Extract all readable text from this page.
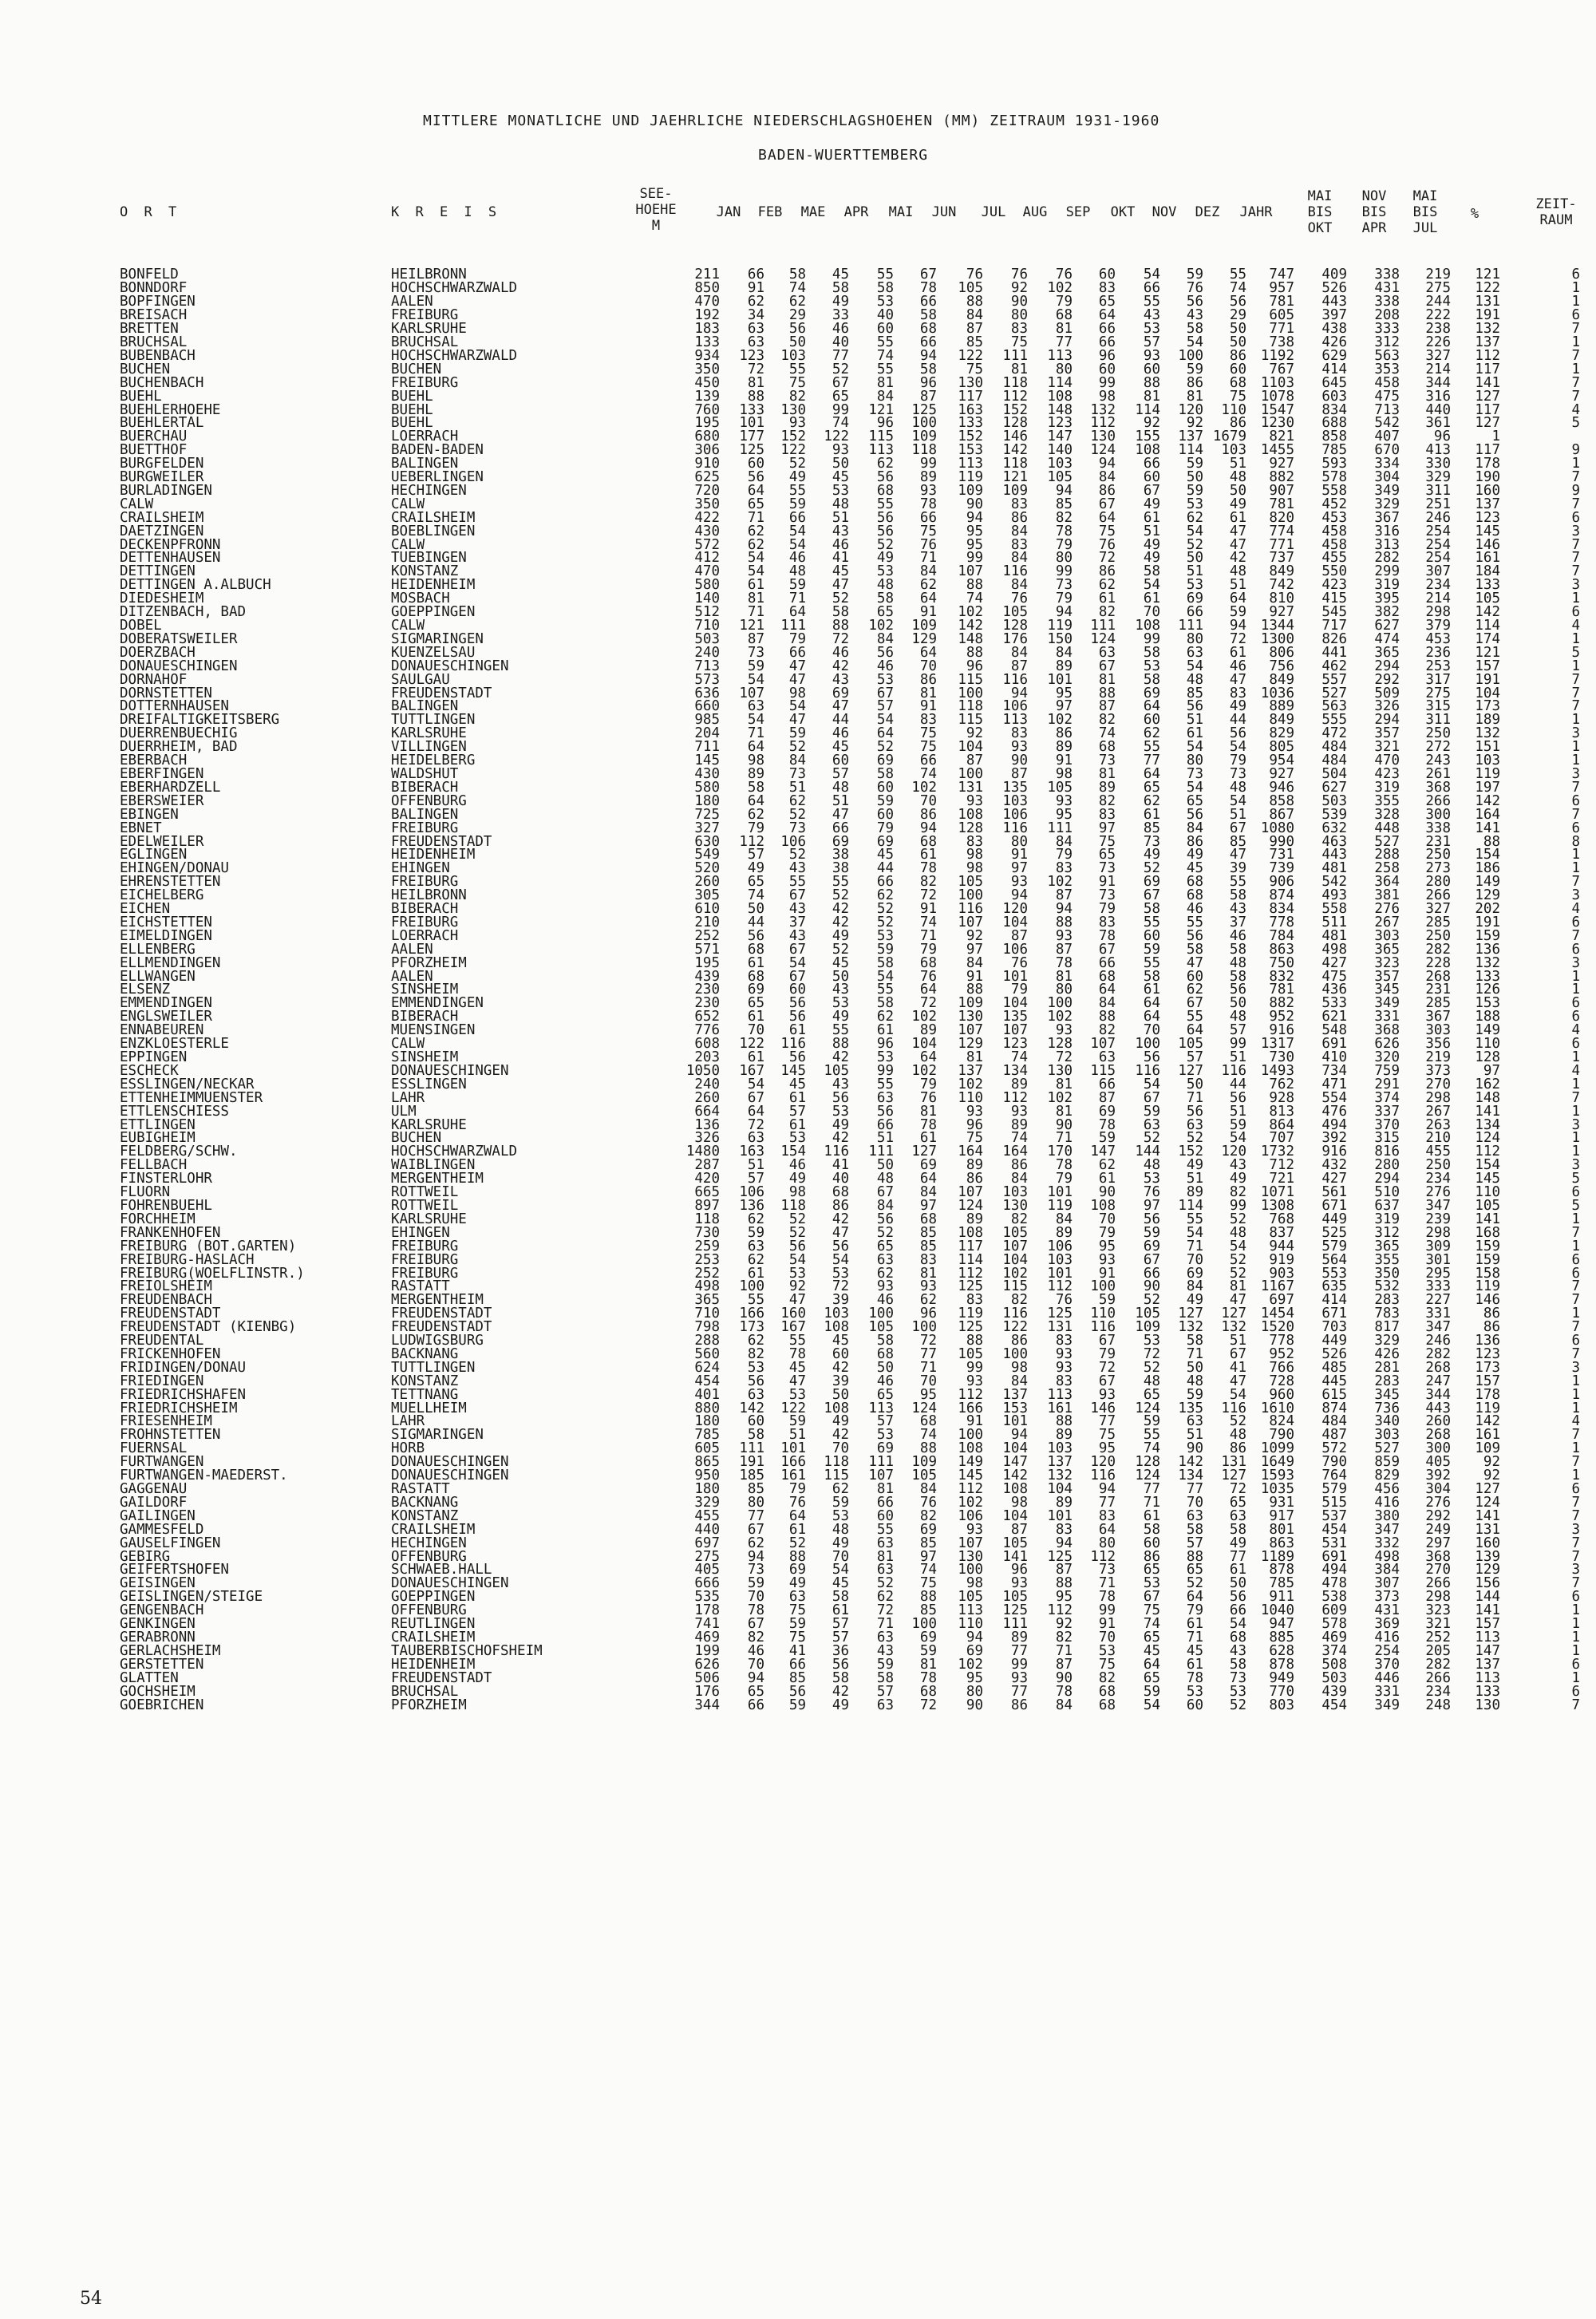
MITTLERE MONATLICHE UND JAEHRLICHE NIEDERSCHLAGSHOEHEN (MM) ZEITRAUM 1931-1960
BADEN-WUERTTEMBERG
O R T	K R E I S
SEE-
HOEHE
M
JAN	FEB	MAE	APR	MAI	JUN	JUL	AUG	SEP	OKT	NOV	DEZ	JAHR
MAI
BIS
OKT
NOV
BIS
APR
MAI
BIS
JUL
%
ZEIT-
RAUM
BONFELD	HEILBRONN	211	66	58	45	55	67	76	76	76	60	54	59	55	747	409	338	219	121	6
BONNDORF	HOCHSCHWARZWALD	850	91	74	58	58	78	105	92	102	83	66	76	74	957	526	431	275	122	1
BOPFINGEN	AALEN	470	62	62	49	53	66	88	90	79	65	55	56	56	781	443	338	244	131	1
BREISACH	FREIBURG	192	34	29	33	40	58	84	80	68	64	43	43	29	605	397	208	222	191	6
BRETTEN	KARLSRUHE	183	63	56	46	60	68	87	83	81	66	53	58	50	771	438	333	238	132	7
BRUCHSAL	BRUCHSAL	133	63	50	40	55	66	85	75	77	66	57	54	50	738	426	312	226	137	1
BUBENBACH	HOCHSCHWARZWALD	934	123	103	77	74	94	122	111	113	96	93	100	86	1192	629	563	327	112	7
BUCHEN	BUCHEN	350	72	55	52	55	58	75	81	80	60	60	59	60	767	414	353	214	117	1
BUCHENBACH	FREIBURG	450	81	75	67	81	96	130	118	114	99	88	86	68	1103	645	458	344	141	7
BUEHL	BUEHL	139	88	82	65	84	87	117	112	108	98	81	81	75	1078	603	475	316	127	7
BUEHLERHOEHE	BUEHL	760	133	130	99	121	125	163	152	148	132	114	120	110	1547	834	713	440	117	4
BUEHLERTAL	BUEHL	195	101	93	74	96	100	133	128	123	112	92	92	86	1230	688	542	361	127	5
BUERCHAU	LOERRACH	680	177	152	122	115	109	152	146	147	130	155	137	1679	821	858	407	96	1	
BUETTHOF	BADEN-BADEN	306	125	122	93	113	118	153	142	140	124	108	114	103	1455	785	670	413	117	9
BURGFELDEN	BALINGEN	910	60	52	50	62	99	113	118	103	94	66	59	51	927	593	334	330	178	1
BURGWEILER	UEBERLINGEN	625	56	49	45	56	89	119	121	105	84	60	50	48	882	578	304	329	190	7
BURLADINGEN	HECHINGEN	720	64	55	53	68	93	109	109	94	86	67	59	50	907	558	349	311	160	9
CALW	CALW	350	65	59	48	55	78	90	83	85	67	49	53	49	781	452	329	251	137	7
CRAILSHEIM	CRAILSHEIM	422	71	66	51	56	66	94	86	82	64	61	62	61	820	453	367	246	123	6
DAETZINGEN	BOEBLINGEN	430	62	54	43	56	75	95	84	78	75	51	54	47	774	458	316	254	145	3
DECKENPFRONN	CALW	572	62	54	46	52	76	95	83	79	76	49	52	47	771	458	313	254	146	7
DETTENHAUSEN	TUEBINGEN	412	54	46	41	49	71	99	84	80	72	49	50	42	737	455	282	254	161	7
DETTINGEN	KONSTANZ	470	54	48	45	53	84	107	116	99	86	58	51	48	849	550	299	307	184	7
DETTINGEN A.ALBUCH	HEIDENHEIM	580	61	59	47	48	62	88	84	73	62	54	53	51	742	423	319	234	133	3
DIEDESHEIM	MOSBACH	140	81	71	52	58	64	74	76	79	61	61	69	64	810	415	395	214	105	1
DITZENBACH, BAD	GOEPPINGEN	512	71	64	58	65	91	102	105	94	82	70	66	59	927	545	382	298	142	6
DOBEL	CALW	710	121	111	88	102	109	142	128	119	111	108	111	94	1344	717	627	379	114	4
DOBERATSWEILER	SIGMARINGEN	503	87	79	72	84	129	148	176	150	124	99	80	72	1300	826	474	453	174	1
DOERZBACH	KUENZELSAU	240	73	66	46	56	64	88	84	84	63	58	63	61	806	441	365	236	121	5
DONAUESCHINGEN	DONAUESCHINGEN	713	59	47	42	46	70	96	87	89	67	53	54	46	756	462	294	253	157	1
DORNAHOF	SAULGAU	573	54	47	43	53	86	115	116	101	81	58	48	47	849	557	292	317	191	7
DORNSTETTEN	FREUDENSTADT	636	107	98	69	67	81	100	94	95	88	69	85	83	1036	527	509	275	104	7
DOTTERNHAUSEN	BALINGEN	660	63	54	47	57	91	118	106	97	87	64	56	49	889	563	326	315	173	7
DREIFALTIGKEITSBERG	TUTTLINGEN	985	54	47	44	54	83	115	113	102	82	60	51	44	849	555	294	311	189	1
DUERRENBUECHIG	KARLSRUHE	204	71	59	46	64	75	92	83	86	74	62	61	56	829	472	357	250	132	3
DUERRHEIM, BAD	VILLINGEN	711	64	52	45	52	75	104	93	89	68	55	54	54	805	484	321	272	151	1
EBERBACH	HEIDELBERG	145	98	84	60	69	66	87	90	91	73	77	80	79	954	484	470	243	103	1
EBERFINGEN	WALDSHUT	430	89	73	57	58	74	100	87	98	81	64	73	73	927	504	423	261	119	3
EBERHARDZELL	BIBERACH	580	58	51	48	60	102	131	135	105	89	65	54	48	946	627	319	368	197	7
EBERSWEIER	OFFENBURG	180	64	62	51	59	70	93	103	93	82	62	65	54	858	503	355	266	142	6
EBINGEN	BALINGEN	725	62	52	47	60	86	108	106	95	83	61	56	51	867	539	328	300	164	7
EBNET	FREIBURG	327	79	73	66	79	94	128	116	111	97	85	84	67	1080	632	448	338	141	6
EDELWEILER	FREUDENSTADT	630	112	106	69	69	68	83	80	84	75	73	86	85	990	463	527	231	88	8
EGLINGEN	HEIDENHEIM	549	57	52	38	45	61	98	91	79	65	49	49	47	731	443	288	250	154	1
EHINGEN/DONAU	EHINGEN	520	49	43	38	44	78	98	97	83	73	52	45	39	739	481	258	273	186	1
EHRENSTETTEN	FREIBURG	260	65	55	55	66	82	105	93	102	91	69	68	55	906	542	364	280	149	7
EICHELBERG	HEILBRONN	305	74	67	52	62	72	100	94	87	73	67	68	58	874	493	381	266	129	3
EICHEN	BIBERACH	610	50	43	42	52	91	116	120	94	79	58	46	43	834	558	276	327	202	4
EICHSTETTEN	FREIBURG	210	44	37	42	52	74	107	104	88	83	55	55	37	778	511	267	285	191	6
EIMELDINGEN	LOERRACH	252	56	43	49	53	71	92	87	93	78	60	56	46	784	481	303	250	159	7
ELLENBERG	AALEN	571	68	67	52	59	79	97	106	87	67	59	58	58	863	498	365	282	136	6
ELLMENDINGEN	PFORZHEIM	195	61	54	45	58	68	84	76	78	66	55	47	48	750	427	323	228	132	3
ELLWANGEN	AALEN	439	68	67	50	54	76	91	101	81	68	58	60	58	832	475	357	268	133	1
ELSENZ	SINSHEIM	230	69	60	43	55	64	88	79	80	64	61	62	56	781	436	345	231	126	1
EMMENDINGEN	EMMENDINGEN	230	65	56	53	58	72	109	104	100	84	64	67	50	882	533	349	285	153	6
ENGLSWEILER	BIBERACH	652	61	56	49	62	102	130	135	102	88	64	55	48	952	621	331	367	188	6
ENNABEUREN	MUENSINGEN	776	70	61	55	61	89	107	107	93	82	70	64	57	916	548	368	303	149	4
ENZKLOESTERLE	CALW	608	122	116	88	96	104	129	123	128	107	100	105	99	1317	691	626	356	110	6
EPPINGEN	SINSHEIM	203	61	56	42	53	64	81	74	72	63	56	57	51	730	410	320	219	128	1
ESCHECK	DONAUESCHINGEN	1050	167	145	105	99	102	137	134	130	115	116	127	116	1493	734	759	373	97	4
ESSLINGEN/NECKAR	ESSLINGEN	240	54	45	43	55	79	102	89	81	66	54	50	44	762	471	291	270	162	1
ETTENHEIMMUENSTER	LAHR	260	67	61	56	63	76	110	112	102	87	67	71	56	928	554	374	298	148	7
ETTLENSCHIESS	ULM	664	64	57	53	56	81	93	93	81	69	59	56	51	813	476	337	267	141	1
ETTLINGEN	KARLSRUHE	136	72	61	49	66	78	96	89	90	78	63	63	59	864	494	370	263	134	3
EUBIGHEIM	BUCHEN	326	63	53	42	51	61	75	74	71	59	52	52	54	707	392	315	210	124	1
FELDBERG/SCHW.	HOCHSCHWARZWALD	1480	163	154	116	111	127	164	164	170	147	144	152	120	1732	916	816	455	112	1
FELLBACH	WAIBLINGEN	287	51	46	41	50	69	89	86	78	62	48	49	43	712	432	280	250	154	3
FINSTERLOHR	MERGENTHEIM	420	57	49	40	48	64	86	84	79	61	53	51	49	721	427	294	234	145	5
FLUORN	ROTTWEIL	665	106	98	68	67	84	107	103	101	90	76	89	82	1071	561	510	276	110	6
FOHRENBUEHL	ROTTWEIL	897	136	118	86	84	97	124	130	119	108	97	114	99	1308	671	637	347	105	5
FORCHHEIM	KARLSRUHE	118	62	52	42	56	68	89	82	84	70	56	55	52	768	449	319	239	141	1
FRANKENHOFEN	EHINGEN	730	59	52	47	52	85	108	105	89	79	59	54	48	837	525	312	298	168	7
FREIBURG (BOT.GARTEN)	FREIBURG	259	63	56	56	65	85	117	107	106	95	69	71	54	944	579	365	309	159	1
FREIBURG-HASLACH	FREIBURG	253	62	54	54	63	83	114	104	103	93	67	70	52	919	564	355	301	159	6
FREIBURG(WOELFLINSTR.)	FREIBURG	252	61	53	53	62	81	112	102	101	91	66	69	52	903	553	350	295	158	6
FREIOLSHEIM	RASTATT	498	100	92	72	93	93	125	115	112	100	90	84	81	1167	635	532	333	119	7
FREUDENBACH	MERGENTHEIM	365	55	47	39	46	62	83	82	76	59	52	49	47	697	414	283	227	146	7
FREUDENSTADT	FREUDENSTADT	710	166	160	103	100	96	119	116	125	110	105	127	127	1454	671	783	331	86	1
FREUDENSTADT (KIENBG)	FREUDENSTADT	798	173	167	108	105	100	125	122	131	116	109	132	132	1520	703	817	347	86	7
FREUDENTAL	LUDWIGSBURG	288	62	55	45	58	72	88	86	83	67	53	58	51	778	449	329	246	136	6
FRICKENHOFEN	BACKNANG	560	82	78	60	68	77	105	100	93	79	72	71	67	952	526	426	282	123	7
FRIDINGEN/DONAU	TUTTLINGEN	624	53	45	42	50	71	99	98	93	72	52	50	41	766	485	281	268	173	3
FRIEDINGEN	KONSTANZ	454	56	47	39	46	70	93	84	83	67	48	48	47	728	445	283	247	157	1
FRIEDRICHSHAFEN	TETTNANG	401	63	53	50	65	95	112	137	113	93	65	59	54	960	615	345	344	178	1
FRIEDRICHSHEIM	MUELLHEIM	880	142	122	108	113	124	166	153	161	146	124	135	116	1610	874	736	443	119	1
FRIESENHEIM	LAHR	180	60	59	49	57	68	91	101	88	77	59	63	52	824	484	340	260	142	4
FROHNSTETTEN	SIGMARINGEN	785	58	51	42	53	74	100	94	89	75	55	51	48	790	487	303	268	161	7
FUERNSAL	HORB	605	111	101	70	69	88	108	104	103	95	74	90	86	1099	572	527	300	109	1
FURTWANGEN	DONAUESCHINGEN	865	191	166	118	111	109	149	147	137	120	128	142	131	1649	790	859	405	92	7
FURTWANGEN-MAEDERST.	DONAUESCHINGEN	950	185	161	115	107	105	145	142	132	116	124	134	127	1593	764	829	392	92	1
GAGGENAU	RASTATT	180	85	79	62	81	84	112	108	104	94	77	77	72	1035	579	456	304	127	6
GAILDORF	BACKNANG	329	80	76	59	66	76	102	98	89	77	71	70	65	931	515	416	276	124	7
GAILINGEN	KONSTANZ	455	77	64	53	60	82	106	104	101	83	61	63	63	917	537	380	292	141	7
GAMMESFELD	CRAILSHEIM	440	67	61	48	55	69	93	87	83	64	58	58	58	801	454	347	249	131	3
GAUSELFINGEN	HECHINGEN	697	62	52	49	63	85	107	105	94	80	60	57	49	863	531	332	297	160	7
GEBIRG	OFFENBURG	275	94	88	70	81	97	130	141	125	112	86	88	77	1189	691	498	368	139	7
GEIFERTSHOFEN	SCHWAEB.HALL	405	73	69	54	63	74	100	96	87	73	65	65	61	878	494	384	270	129	3
GEISINGEN	DONAUESCHINGEN	666	59	49	45	52	75	98	93	88	71	53	52	50	785	478	307	266	156	7
GEISLINGEN/STEIGE	GOEPPINGEN	535	70	63	58	62	88	105	105	95	78	67	64	56	911	538	373	298	144	6
GENGENBACH	OFFENBURG	178	78	75	61	72	85	113	125	112	99	75	79	66	1040	609	431	323	141	1
GENKINGEN	REUTLINGEN	741	67	59	57	71	100	110	111	92	91	74	61	54	947	578	369	321	157	1
GERABRONN	CRAILSHEIM	469	82	75	57	63	69	94	89	82	70	65	71	68	885	469	416	252	113	1
GERLACHSHEIM	TAUBERBISCHOFSHEIM	199	46	41	36	43	59	69	77	71	53	45	45	43	628	374	254	205	147	1
GERSTETTEN	HEIDENHEIM	626	70	66	56	59	81	102	99	87	75	64	61	58	878	508	370	282	137	6
GLATTEN	FREUDENSTADT	506	94	85	58	58	78	95	93	90	82	65	78	73	949	503	446	266	113	1
GOCHSHEIM	BRUCHSAL	176	65	56	42	57	68	80	77	78	68	59	53	53	770	439	331	234	133	6
GOEBRICHEN	PFORZHEIM	344	66	59	49	63	72	90	86	84	68	54	60	52	803	454	349	248	130	7
54
